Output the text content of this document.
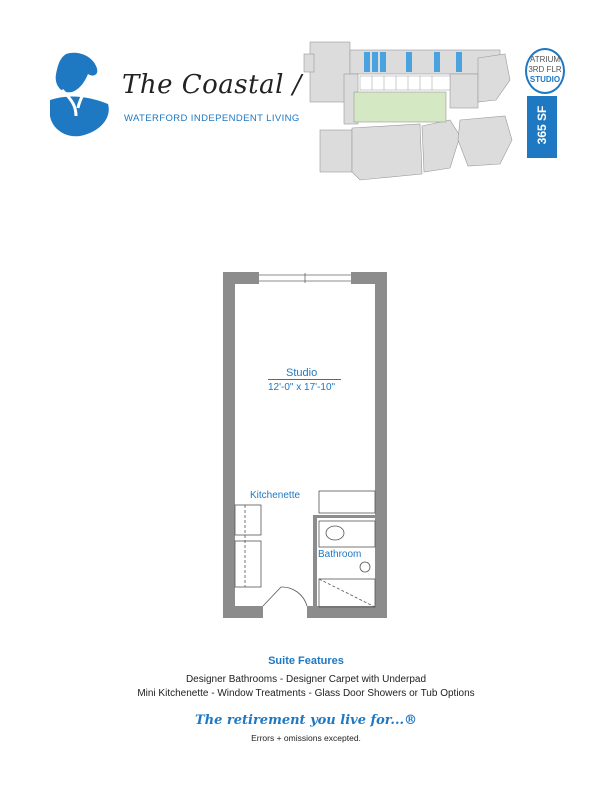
The Coastal /
WATERFORD INDEPENDENT LIVING
ATRIUM
3RD FLR
STUDIO
365 SF
Studio
12'-0" x 17'-10"
Kitchenette
Bathroom
Suite Features
Designer Bathrooms - Designer Carpet with Underpad
Mini Kitchenette - Window Treatments - Glass Door Showers or Tub Options
The retirement you live for...®
Errors + omissions excepted.
